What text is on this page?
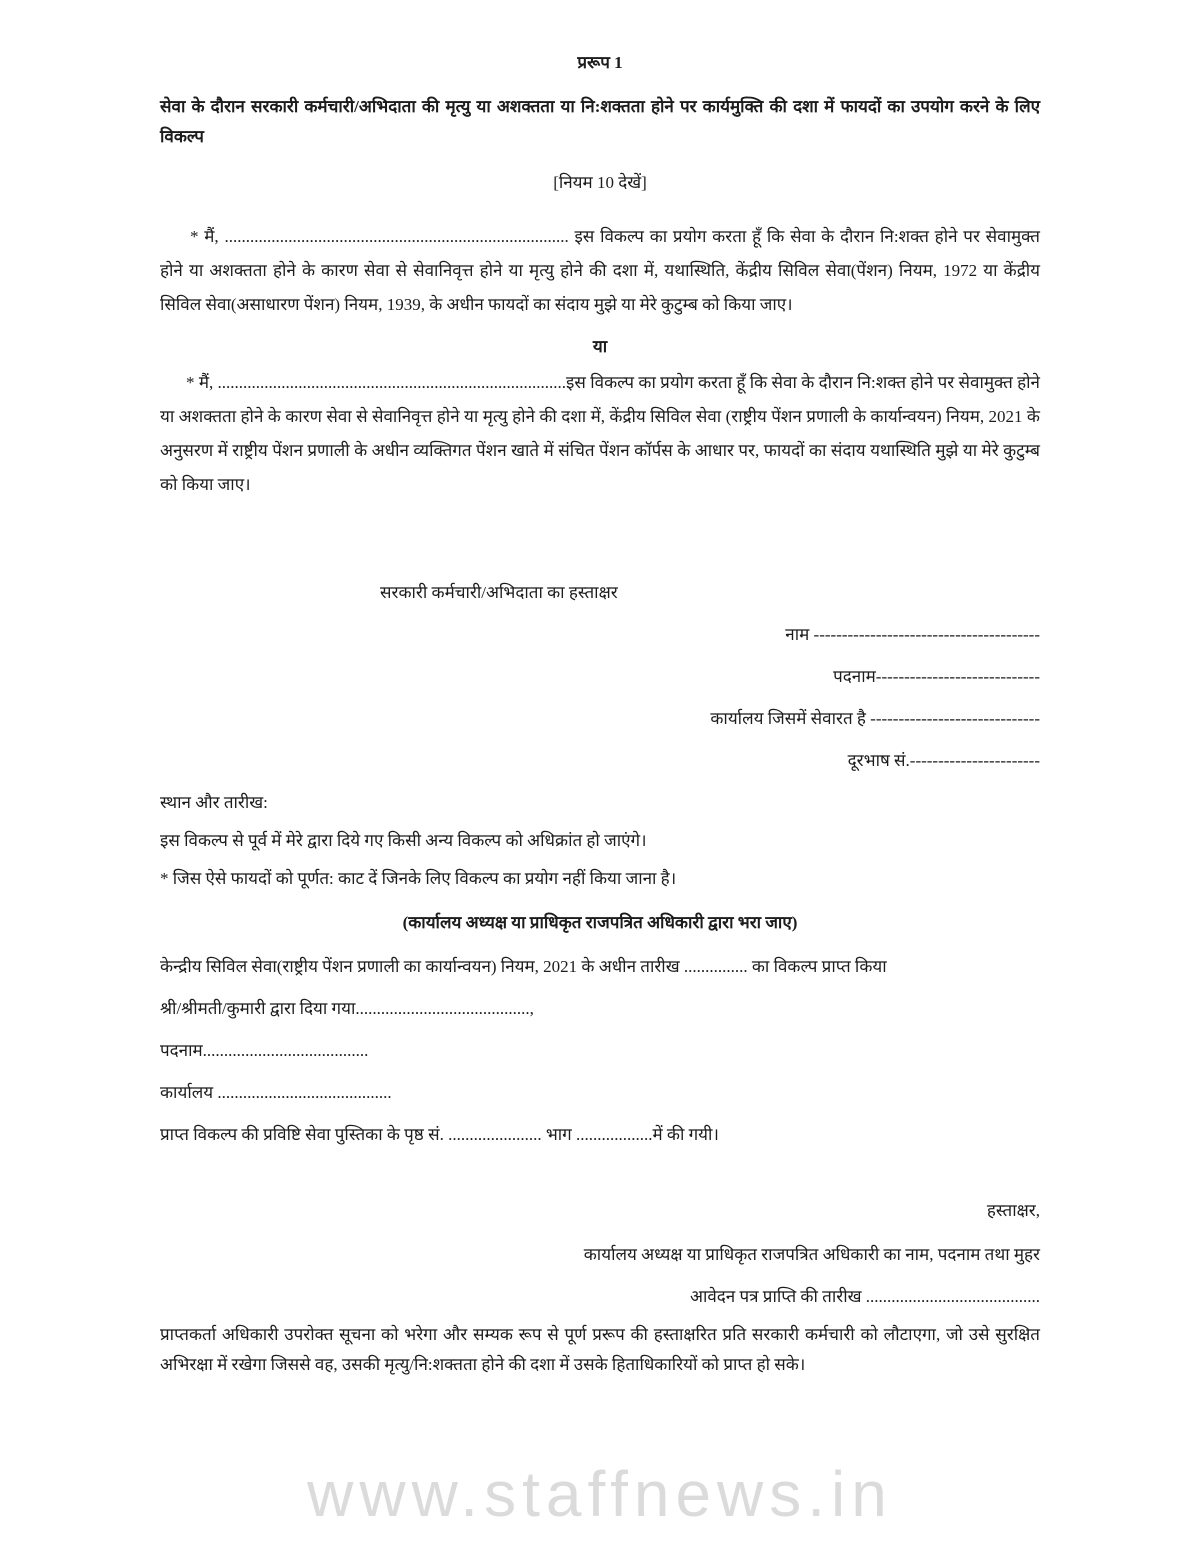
प्ररूप 1
सेवा के दौरान सरकारी कर्मचारी/अभिदाता की मृत्यु या अशक्तता या नि:शक्तता होने पर कार्यमुक्ति की दशा में फायदों का उपयोग करने के लिए विकल्प
[नियम 10 देखें]

* मैं, ................................................................................. इस विकल्प का प्रयोग करता हूँ कि सेवा के दौरान नि:शक्त होने पर सेवामुक्त होने या अशक्तता होने के कारण सेवा से सेवानिवृत्त होने या मृत्यु होने की दशा में, यथास्थिति, केंद्रीय सिविल सेवा(पेंशन) नियम, 1972 या केंद्रीय सिविल सेवा(असाधारण पेंशन) नियम, 1939, के अधीन फायदों का संदाय मुझे या मेरे कुटुम्ब को किया जाए।

या

* मैं, ..................................................................................इस विकल्प का प्रयोग करता हूँ कि सेवा के दौरान नि:शक्त होने पर सेवामुक्त होने या अशक्तता होने के कारण सेवा से सेवानिवृत्त होने या मृत्यु होने की दशा में, केंद्रीय सिविल सेवा (राष्ट्रीय पेंशन प्रणाली के कार्यान्वयन) नियम, 2021 के अनुसरण में राष्ट्रीय पेंशन प्रणाली के अधीन व्यक्तिगत पेंशन खाते में संचित पेंशन कॉर्पस के आधार पर, फायदों का संदाय यथास्थिति मुझे या मेरे कुटुम्ब को किया जाए।

सरकारी कर्मचारी/अभिदाता का हस्ताक्षर
नाम ----------------------------------------
पदनाम-----------------------------
कार्यालय जिसमें सेवारत है ------------------------------
दूरभाष सं.-----------------------
स्थान और तारीख:
इस विकल्प से पूर्व में मेरे द्वारा दिये गए किसी अन्य विकल्प को अधिक्रांत हो जाएंगे।
* जिस ऐसे फायदों को पूर्णत: काट दें जिनके लिए विकल्प का प्रयोग नहीं किया जाना है।
(कार्यालय अध्यक्ष या प्राधिकृत राजपत्रित अधिकारी द्वारा भरा जाए)
केन्द्रीय सिविल सेवा(राष्ट्रीय पेंशन प्रणाली का कार्यान्वयन) नियम, 2021 के अधीन तारीख ............... का विकल्प प्राप्त किया
श्री/श्रीमती/कुमारी द्वारा दिया गया.........................................,
पदनाम.......................................
कार्यालय .........................................
प्राप्त विकल्प की प्रविष्टि सेवा पुस्तिका के पृष्ठ सं. ...................... भाग ..................में की गयी।
हस्ताक्षर,
कार्यालय अध्यक्ष या प्राधिकृत राजपत्रित अधिकारी का नाम, पदनाम तथा मुहर
आवेदन पत्र प्राप्ति की तारीख .........................................

प्राप्तकर्ता अधिकारी उपरोक्त सूचना को भरेगा और सम्यक रूप से पूर्ण प्ररूप की हस्ताक्षरित प्रति सरकारी कर्मचारी को लौटाएगा, जो उसे सुरक्षित अभिरक्षा में रखेगा जिससे वह, उसकी मृत्यु/नि:शक्तता होने की दशा में उसके हिताधिकारियों को प्राप्त हो सके।

www.staffnews.in
